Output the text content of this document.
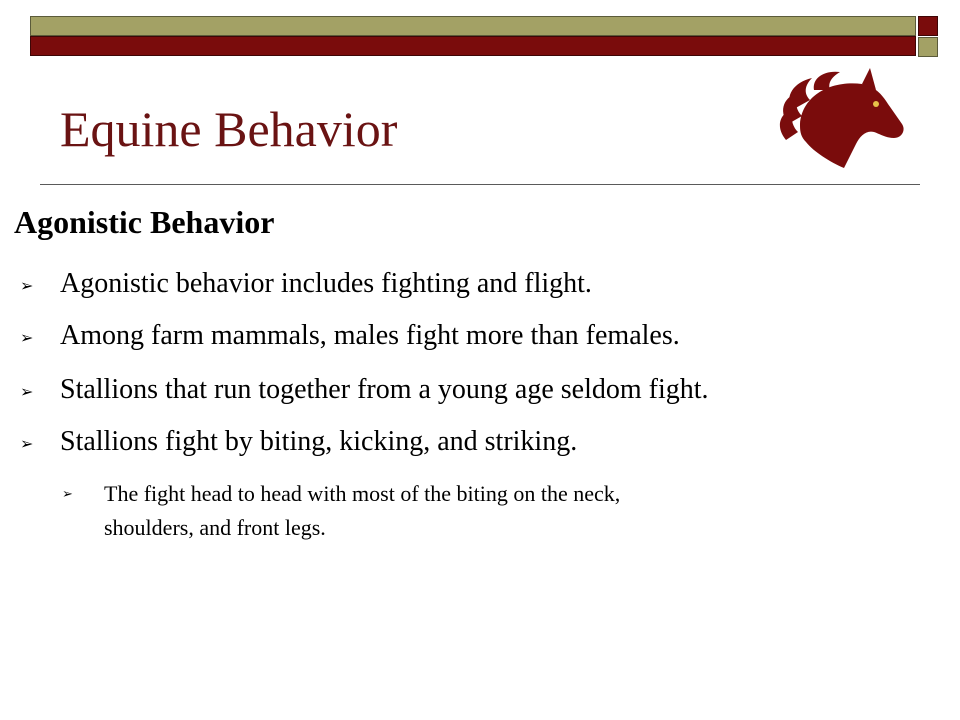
Equine Behavior
Agonistic Behavior
➢ Agonistic behavior includes fighting and flight.
➢ Among farm mammals, males fight more than females.
➢ Stallions that run together from a young age seldom fight.
➢ Stallions fight by biting, kicking, and striking.
➢ The fight head to head with most of the biting on the neck,
shoulders, and front legs.
